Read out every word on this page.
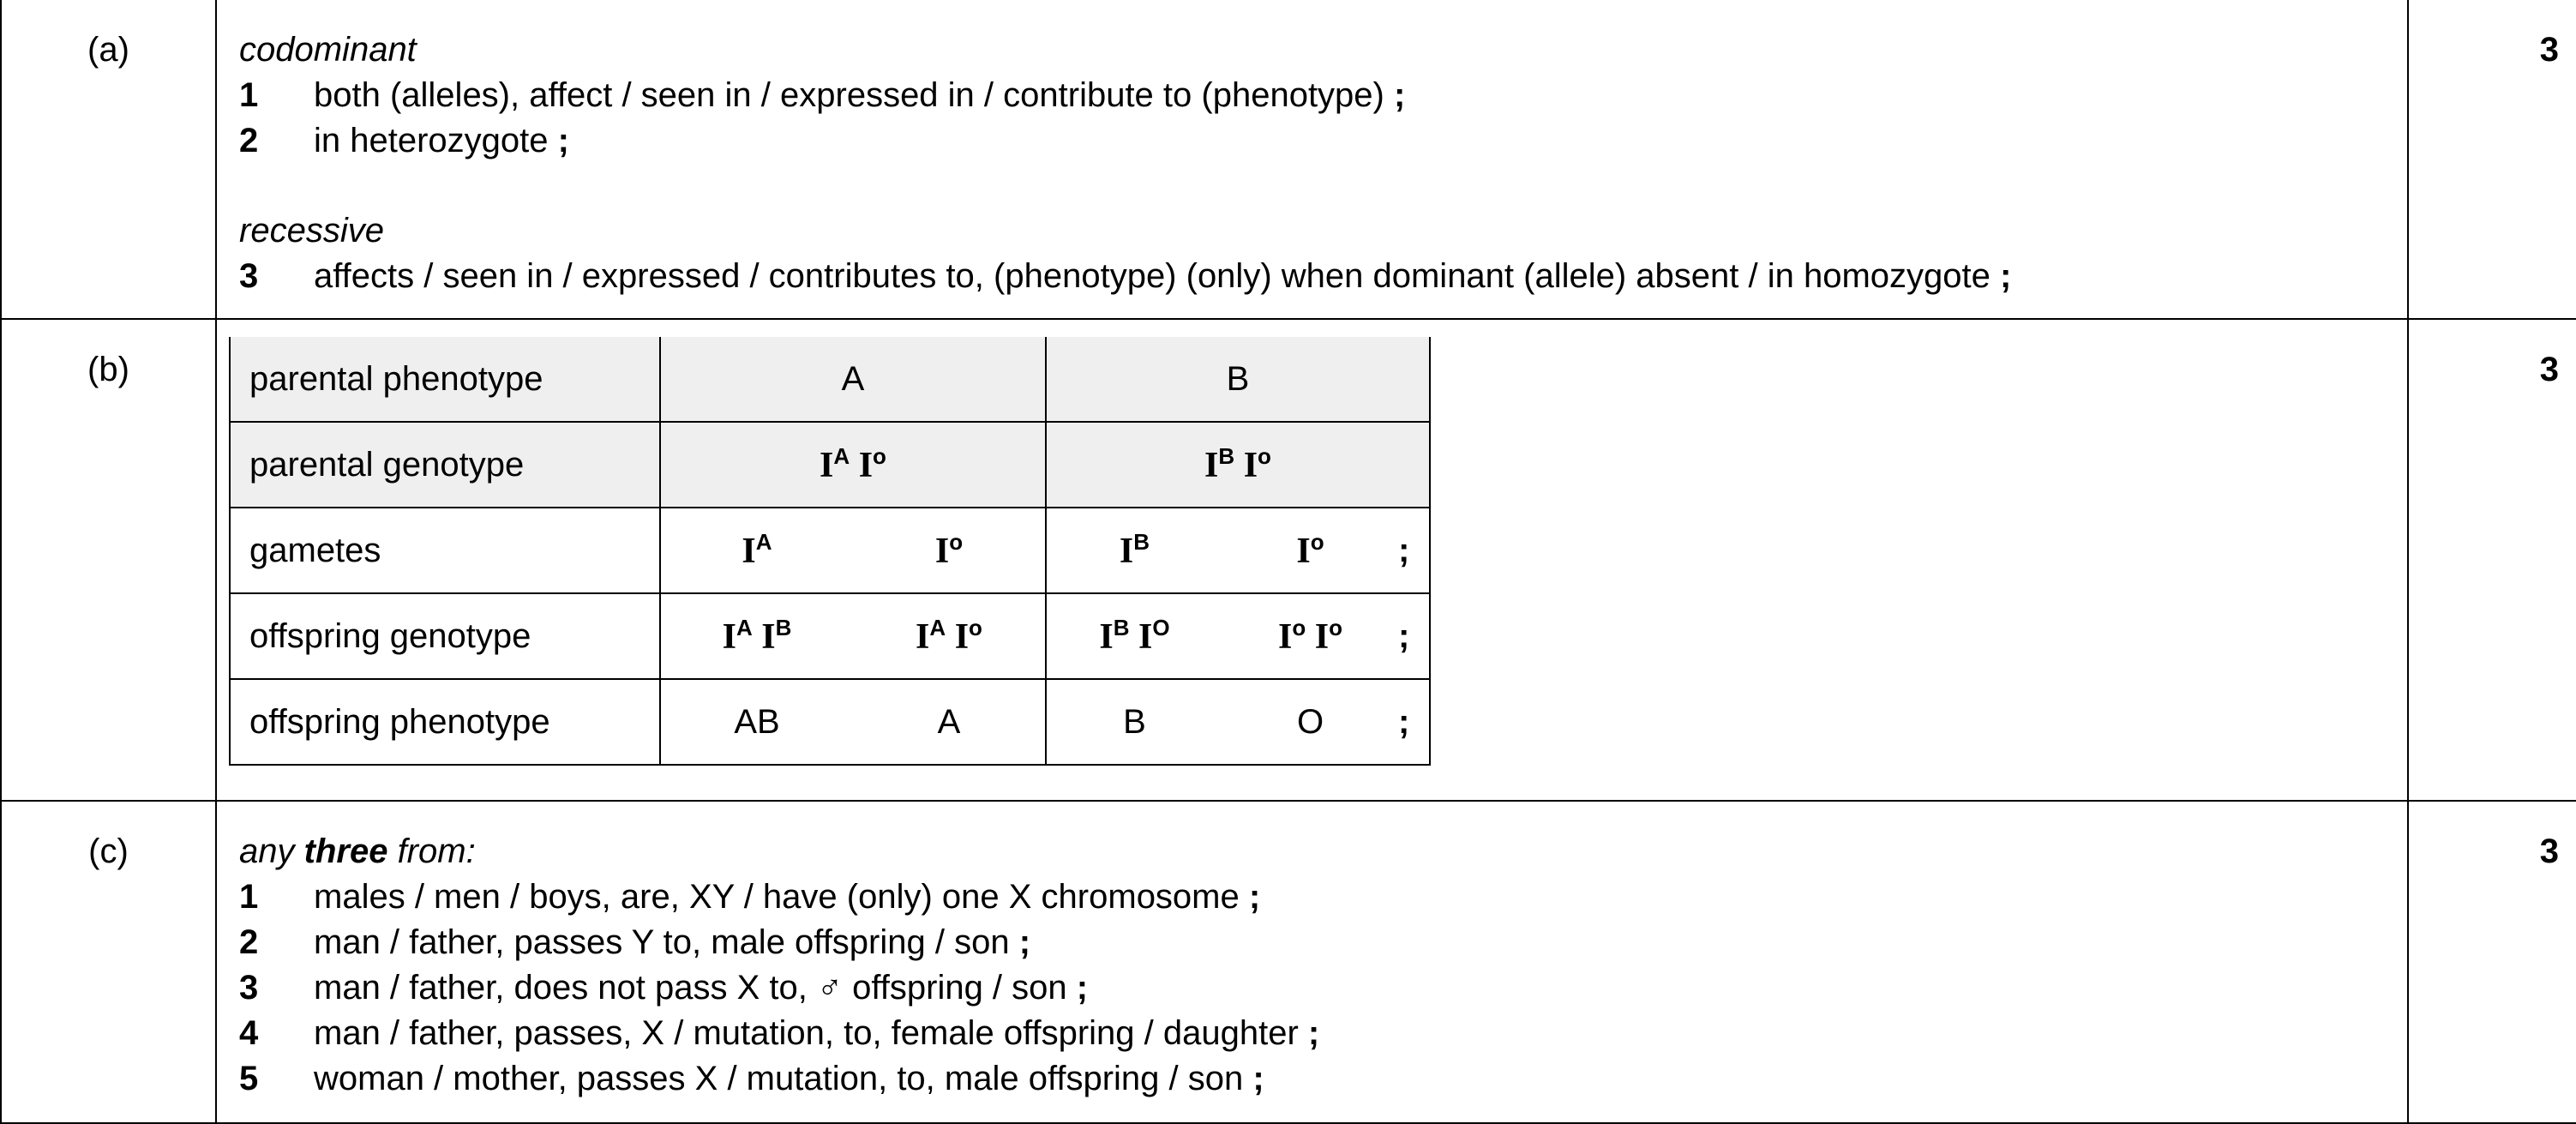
(a)	codominant
1 both (alleles), affect / seen in / expressed in / contribute to (phenotype) ;
2 in heterozygote ;
recessive
3 affects / seen in / expressed / contributes to, (phenotype) (only) when dominant (allele) absent / in homozygote ;

3

(b)
		parental phenotype	A	B
parental genotype	$I^A$ $I^o$	$I^B$ $I^o$
gametes	$I^A$	$I^o$	$I^B$	$I^o$	;

offspring genotype	$I^A$ $I^B$	$I^A$ $I^o$	$I^B$ $I^O$	$I^o$ $I^o$	;

offspring phenotype	AB	A	B	O	;

3

(c)	any three from:
1 males / men / boys, are, XY / have (only) one X chromosome ;
2 man / father, passes Y to, male offspring / son ;
3 man / father, does not pass X to, ♂ offspring / son ;
4 man / father, passes, X / mutation, to, female offspring / daughter ;
5 woman / mother, passes X / mutation, to, male offspring / son ;

3
